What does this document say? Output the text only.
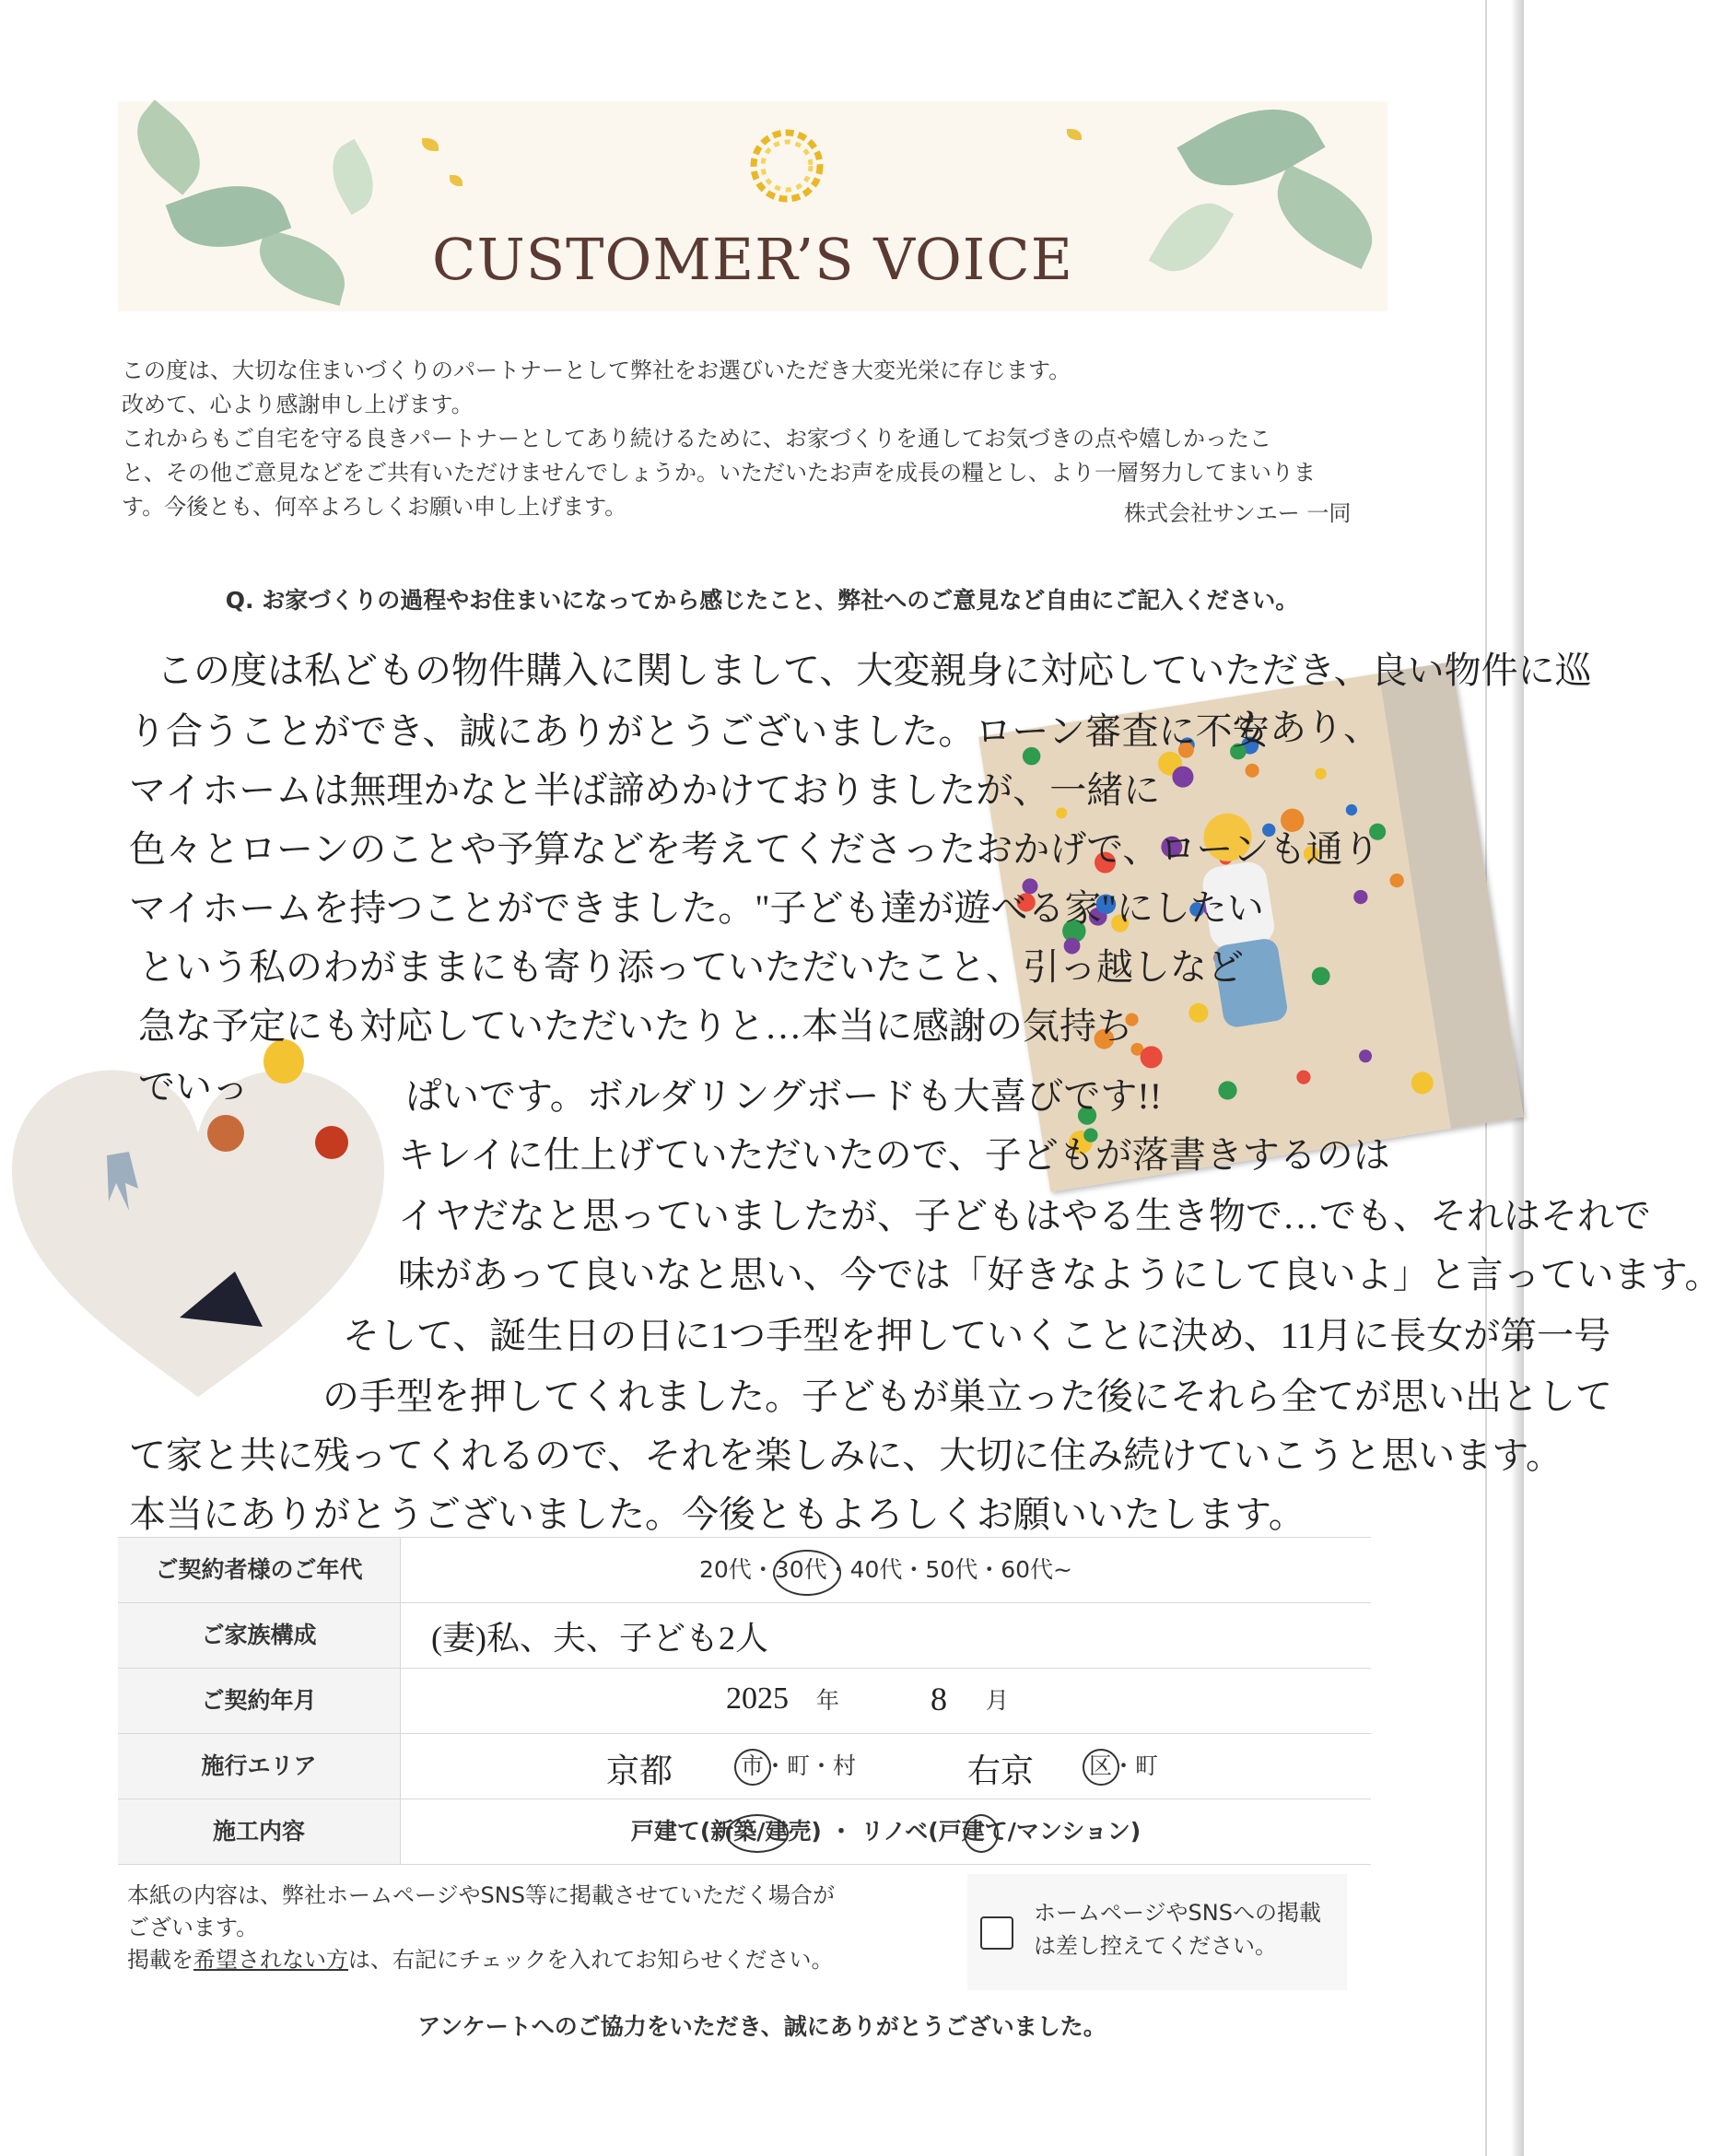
CUSTOMER’S VOICE

この度は、大切な住まいづくりのパートナーとして弊社をお選びいただき大変光栄に存じます。

改めて、心より感謝申し上げます。

これからもご自宅を守る良きパートナーとしてあり続けるために、お家づくりを通してお気づきの点や嬉しかったこ

と、その他ご意見などをご共有いただけませんでしょうか。いただいたお声を成長の糧とし、より一層努力してまいりま

す。今後とも、何卒よろしくお願い申し上げます。	株式会社サンエー 一同
Q. お家づくりの過程やお住まいになってから感じたこと、弊社へのご意見など自由にご記入ください。
この度は私どもの物件購入に関しまして、大変親身に対応していただき、良い物件に巡
り合うことができ、誠にありがとうございました。ローン審査に不安
もあり、
マイホームは無理かなと半ば諦めかけておりましたが、一緒に
色々とローンのことや予算などを考えてくださったおかげで、ローンも通り
マイホームを持つことができました。"子ども達が遊べる家"にしたい
という私のわがままにも寄り添っていただいたこと、引っ越しなど
急な予定にも対応していただいたりと…本当に感謝の気持ち
でいっ	ぱいです。ボルダリングボードも大喜びです!!
キレイに仕上げていただいたので、子どもが落書きするのは
イヤだなと思っていましたが、子どもはやる生き物で…でも、それはそれで
味があって良いなと思い、今では「好きなようにして良いよ」と言っています。
そして、誕生日の日に1つ手型を押していくことに決め、11月に長女が第一号
の手型を押してくれました。子どもが巣立った後にそれら全てが思い出として
て家と共に残ってくれるので、それを楽しみに、大切に住み続けていこうと思います。
本当にありがとうございました。今後ともよろしくお願いいたします。
ご契約者様のご年代	20代・30代・40代・50代・60代~
ご家族構成	(妻)私、夫、子ども2人
ご契約年月	2025 年	8 月
施行エリア	京都	市・町・村	右京 区・町
施工内容	戸建て(新築/建売) ・ リノベ(戸建て/マンション)

本紙の内容は、弊社ホームページやSNS等に掲載させていただく場合が

ございます。

掲載を希望されない方は、右記にチェックを入れてお知らせください。

ホームページやSNSへの掲載
は差し控えてください。
アンケートへのご協力をいただき、誠にありがとうございました。
